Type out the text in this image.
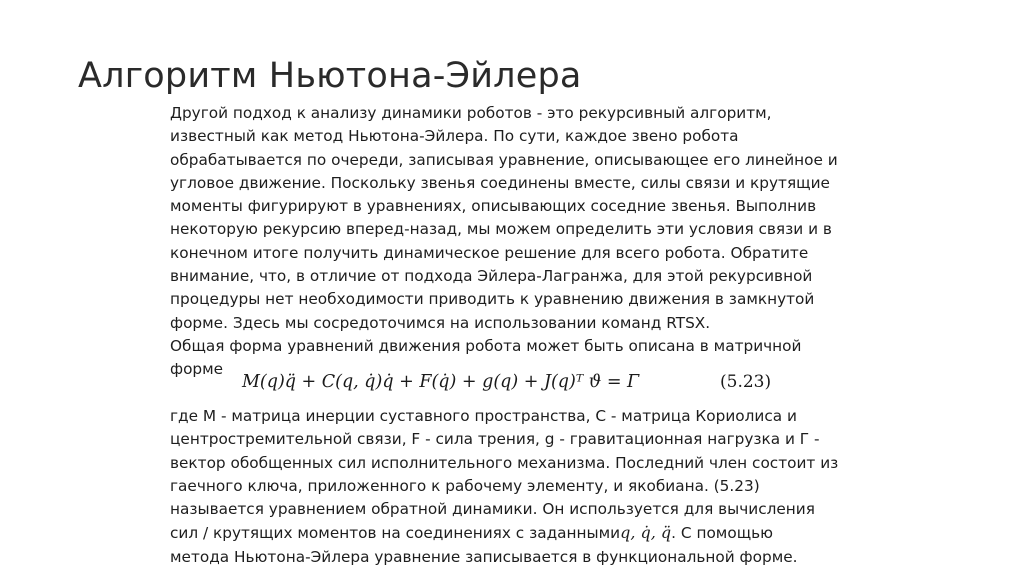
Алгоритм Ньютона-Эйлера
Другой подход к анализу динамики роботов - это рекурсивный алгоритм,
известный как метод Ньютона-Эйлера. По сути, каждое звено робота
обрабатывается по очереди, записывая уравнение, описывающее его линейное и
угловое движение. Поскольку звенья соединены вместе, силы связи и крутящие
моменты фигурируют в уравнениях, описывающих соседние звенья. Выполнив
некоторую рекурсию вперед-назад, мы можем определить эти условия связи и в
конечном итоге получить динамическое решение для всего робота. Обратите
внимание, что, в отличие от подхода Эйлера-Лагранжа, для этой рекурсивной
процедуры нет необходимости приводить к уравнению движения в замкнутой
форме. Здесь мы сосредоточимся на использовании команд RTSX.
Общая форма уравнений движения робота может быть описана в матричной
форме
M(q)q̈ + C(q, q̇)q̇ + F(q̇) + g(q) + J(q)ᵀ ϑ = Γ	(5.23)
где М - матрица инерции суставного пространства, С - матрица Кориолиса и
центростремительной связи, F - сила трения, g - гравитационная нагрузка и Г -
вектор обобщенных сил исполнительного механизма. Последний член состоит из
гаечного ключа, приложенного к рабочему элементу, и якобиана. (5.23)
называется уравнением обратной динамики. Он используется для вычисления
сил / крутящих моментов на соединениях с заданнымиq, q̇, q̈. С помощью
метода Ньютона-Эйлера уравнение записывается в функциональной форме.
